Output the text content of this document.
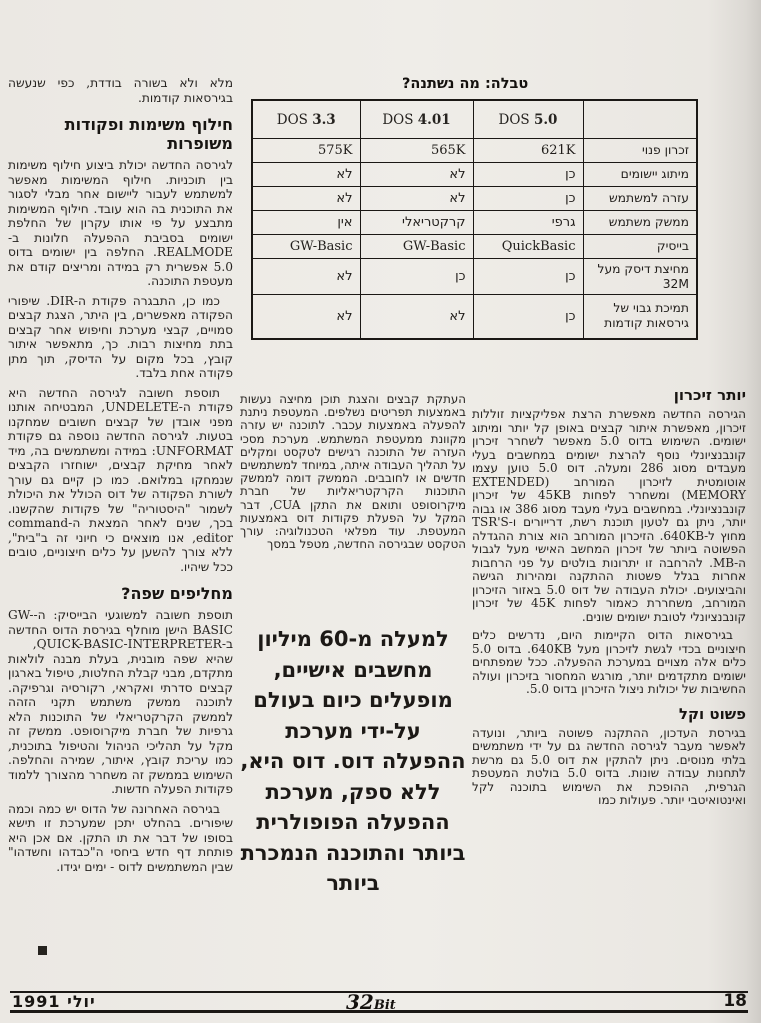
טבלה: מה נשתנה?
	DOS 5.0	DOS 4.01	DOS 3.3
זכרון פנוי	621K	565K	575K
מיתוג יישומים	כן	לא	לא
עזרה למשתמש	כן	לא	לא
ממשק משתמש	גרפי	קרקטריאלי	אין
בייסיק	QuickBasic	GW-Basic	GW-Basic
מחיצת דיסק מעל 32M	כן	כן	לא
תמיכת גבוי של גירסאות קודמות	כן	לא	לא

מלא ולא בשורה בודדת, כפי שנעשה בגירסאות קודמות.

חילוף משימות ופקודות משופרות

לגירסה החדשה יכולת ביצוע חילוף משימות בין תוכניות. חילוף המשימות מאפשר למשתמש לעבור ליישום אחר מבלי לסגור את התוכנית בה הוא עובד. חילוף המשימות מתבצע על פי אותו עקרון של החלפת ישומים בסביבת ההפעלה חלונות ב-REALMODE. החלפה בין ישומים בדוס 5.0 אפשרית רק במידה ומריצים קודם את מעטפת התוכנה.

כמו כן, התבגרה פקודת ה-DIR. שיפורי הפקודה מאפשרים, בין היתר, הצגת קבצים סמויים, קבצי מערכת וחיפוש אחר קבצים בתת מחיצות רבות. כך, מתאפשר איתור קובץ, בכל מקום על הדיסק, תוך מתן פקודה אחת בלבד.

תוספת חשובה לגירסה החדשה היא פקודת ה-UNDELETE, המבטיחה אותנו מפני אובדן של קבצים חשובים שמחקנו בטעות. לגירסה החדשה נוספה גם פקודת UNFORMAT: במידה ומשתמשים בה, מיד לאחר מחיקת קבצים, ישוחזרו הקבצים שנמחקו במלואם. כמו כן קיים גם עורך לשורת הפקודה של דוס הכולל את היכולת לשמור "היסטוריה" של פקודות שהקשנו. בכך, שנים לאחר המצאת ה-command editor, אנו מוצאים כי חיוני זה ב"בית", ללא צורך להשען על כלים חיצוניים, טובים ככל שיהיו.

מחליפים שפה?

תוספת חשובה למשוגעי הבייסיק: ה-GW-BASIC הישן מוחלף בגירסת הדוס החדשה ב-QUICK-BASIC-INTERPRETER, שהיא שפה מובנית, בעלת מבנה לולאות מתקדם, מבני קבלת החלטות, טיפול בארגון קבצים סדרתי ואקראי, רקורסיה וגרפיקה. לתוכנה ממשק משתמש תקני הזהה לממשק הקרקטריאלי של התוכנות הלא גרפיות של חברת מיקרוסופט. ממשק זה מקל על תהליכי הניהול והטיפול בתוכנית, כמו עריכת קובץ, איתור, שמירה והחלפה. השימוש בממשק זה משחרר מהצורך ללמוד פקודות הפעלה חדשות.

בגירסה האחרונה של הדוס יש כמה וכמה שיפורים. בהחלט יתכן שמערכת זו תישא בסופו של דבר את תו התקן. אם אכן היא פותחת דף חדש ביחסי ה"כבדהו וחשדהו" שבין המשתמשים לדוס - ימים יגידו.

העתקת קבצים והצגת תוכן מחיצה נעשות באמצעות תפריטים נשלפים. המעטפת ניתנת להפעלה באמצעות עכבר. לתוכנה יש עזרה מקוונת ממעטפת המשתמש. מערכת מסכי העזרה של התוכנה רגישים לטקסט ומקלים על תהליך העבודה איתה, במיוחד למשתמשים חדשים או לחובבים. הממשק דומה לממשק התוכנות הקרקטריאליות של חברת מיקרוסופט ותואם את התקן CUA, דבר המקל על הפעלת פקודות דוס באמצעות המעטפת. עוד מפלאי הטכנולוגיה: עורך הטקסט שבגירסה החדשה, מטפל במסך

למעלה מ-60 מיליון מחשבים אישיים, מופעלים כיום בעולם על-ידי מערכת ההפעלה דוס. דוס היא, ללא ספק, מערכת ההפעלה הפופולרית ביותר והתוכנה הנמכרת ביותר
יותר זיכרון

הגירסה החדשה מאפשרת הרצת אפליקציות זוללות זיכרון, מאפשרת איתור קבצים באופן קל יותר ומיתוג ישומים. השימוש בדוס 5.0 מאפשר לשחרר זיכרון קונבנציונלי נוסף להרצת ישומים במחשבים בעלי מעבדים מסוג 286 ומעלה. דוס 5.0 טוען עצמו אוטומטית לזיכרון המורחב (EXTENDED MEMORY) ומשחרר לפחות 45KB של זיכרון קונבנציונלי. במחשבים בעלי מעבד מסוג 386 או גבוה יותר, ניתן גם לטעון תוכנת רשת, דרייורים ו-TSR'S מחוץ ל-640KB. הזיכרון המורחב הוא צורת ההגדלה הפשוטה ביותר של זיכרון המחשב האישי מעל לגבול ה-MB. להרחבה זו יתרונות בולטים על פני הרחבות אחרות בגלל פשטות ההתקנה ומהירות הגישה והביצועים. יכולת העבודה של דוס 5.0 באזור הזיכרון המורחב, משחררת כאמור לפחות 45K של זיכרון קונבנציונלי לטובת ישומים שונים.

בגירסאות הדוס הקיימות היום, נדרשים כלים חיצוניים בכדי לגשת לזיכרון מעל 640KB. בדוס 5.0 כלים אלה מצויים במערכת ההפעלה. ככל שמפתחים ישומים מתקדמים יותר, מורגש המחסור בזיכרון ועולה החשיבות של יכולות ניצול הזיכרון בדוס 5.0.

פשוט וקל

בגירסת העדכון, ההתקנה פשוטה ביותר, ונועדה לאפשר מעבר לגירסה החדשה גם על ידי משתמשים בלתי מנוסים. ניתן להתקין את דוס 5.0 גם מרשת לתחנות עבודה שונות. בדוס 5.0 בולטת המעטפת הגרפית, ההופכת את השימוש בתוכנה לקל ואינטואיטבי יותר. פעולות כמו

יולי 1991	32Bit	18
